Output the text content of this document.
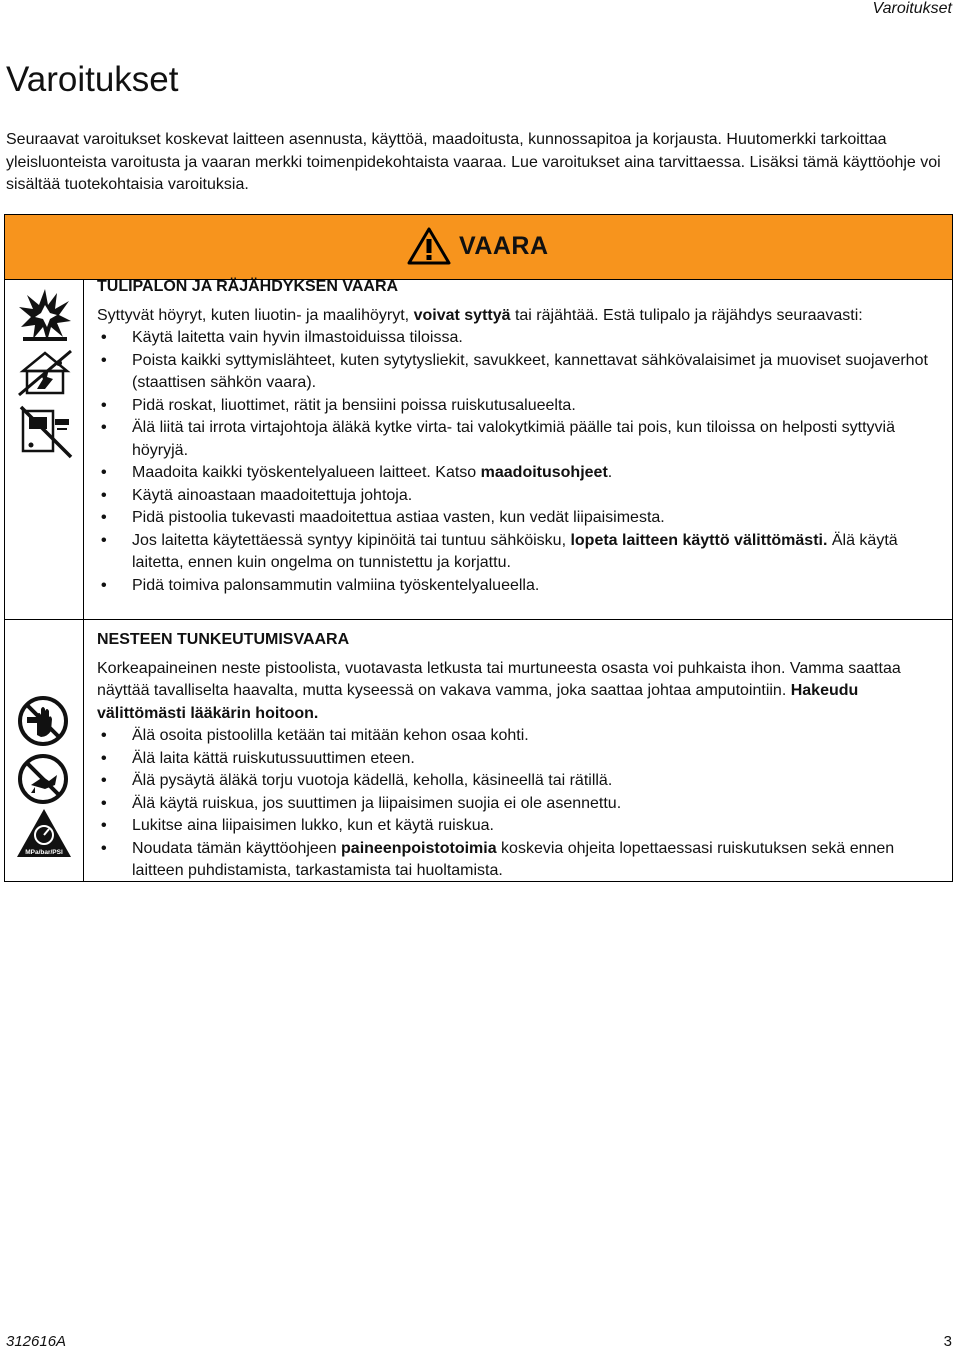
Varoitukset
Varoitukset

Seuraavat varoitukset koskevat laitteen asennusta, käyttöä, maadoitusta, kunnossapitoa ja korjausta. Huutomerkki tarkoittaa yleisluonteista varoitusta ja vaaran merkki toimenpidekohtaista vaaraa. Lue varoitukset aina tarvittaessa. Lisäksi tämä käyttöohje voi sisältää tuotekohtaisia varoituksia.

VAARA
MPa/bar/PSI

TULIPALON JA RÄJÄHDYKSEN VAARA

Syttyvät höyryt, kuten liuotin- ja maalihöyryt, voivat syttyä tai räjähtää. Estä tulipalo ja räjähdys seuraavasti:

• Käytä laitetta vain hyvin ilmastoiduissa tiloissa.
• Poista kaikki syttymislähteet, kuten sytytysliekit, savukkeet, kannettavat sähkövalaisimet ja muoviset suojaverhot (staattisen sähkön vaara).
• Pidä roskat, liuottimet, rätit ja bensiini poissa ruiskutusalueelta.
• Älä liitä tai irrota virtajohtoja äläkä kytke virta- tai valokytkimiä päälle tai pois, kun tiloissa on helposti syttyviä höyryjä.
• Maadoita kaikki työskentelyalueen laitteet. Katso maadoitusohjeet.
• Käytä ainoastaan maadoitettuja johtoja.
• Pidä pistoolia tukevasti maadoitettua astiaa vasten, kun vedät liipaisimesta.
• Jos laitetta käytettäessä syntyy kipinöitä tai tuntuu sähköisku, lopeta laitteen käyttö välittömästi. Älä käytä laitetta, ennen kuin ongelma on tunnistettu ja korjattu.
• Pidä toimiva palonsammutin valmiina työskentelyalueella.

NESTEEN TUNKEUTUMISVAARA

Korkeapaineinen neste pistoolista, vuotavasta letkusta tai murtuneesta osasta voi puhkaista ihon. Vamma saattaa näyttää tavalliselta haavalta, mutta kyseessä on vakava vamma, joka saattaa johtaa amputointiin. Hakeudu välittömästi lääkärin hoitoon.

• Älä osoita pistoolilla ketään tai mitään kehon osaa kohti.
• Älä laita kättä ruiskutussuuttimen eteen.
• Älä pysäytä äläkä torju vuotoja kädellä, keholla, käsineellä tai rätillä.
• Älä käytä ruiskua, jos suuttimen ja liipaisimen suojia ei ole asennettu.
• Lukitse aina liipaisimen lukko, kun et käytä ruiskua.
• Noudata tämän käyttöohjeen paineenpoistotoimia koskevia ohjeita lopettaessasi ruiskutuksen sekä ennen laitteen puhdistamista, tarkastamista tai huoltamista.
312616A	3
